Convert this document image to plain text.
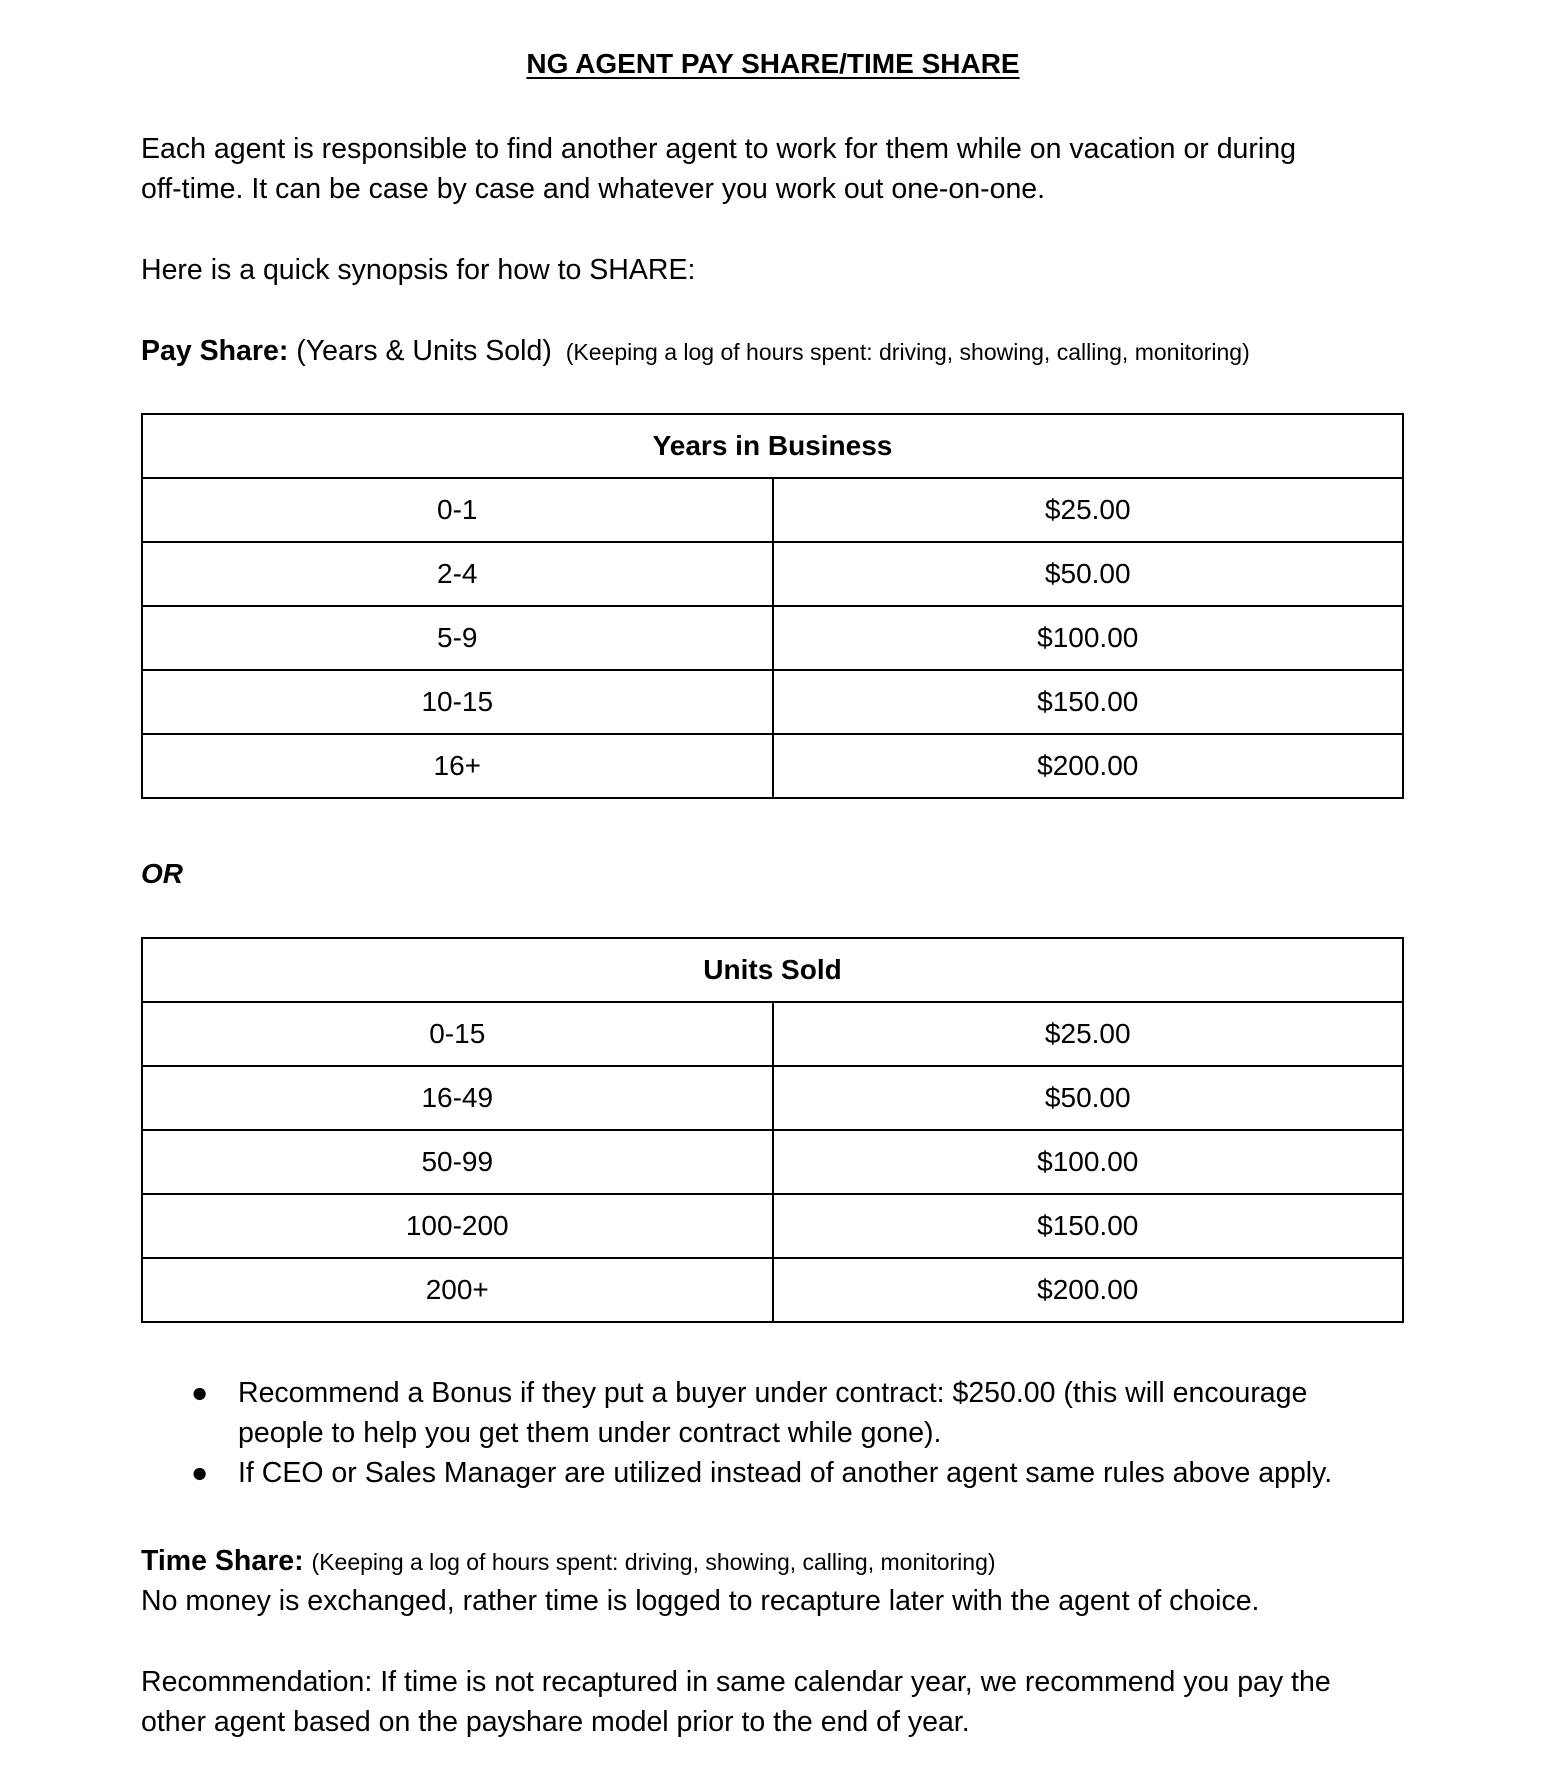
NG AGENT PAY SHARE/TIME SHARE
Each agent is responsible to find another agent to work for them while on vacation or during
off-time. It can be case by case and whatever you work out one-on-one.
Here is a quick synopsis for how to SHARE:
Pay Share: (Years & Units Sold) (Keeping a log of hours spent: driving, showing, calling, monitoring)
Years in Business	
0-1	$25.00
2-4	$50.00
5-9	$100.00
10-15	$150.00
16+	$200.00
OR
Units Sold	
0-15	$25.00
16-49	$50.00
50-99	$100.00
100-200	$150.00
200+	$200.00
● Recommend a Bonus if they put a buyer under contract: $250.00 (this will encourage
people to help you get them under contract while gone).
● If CEO or Sales Manager are utilized instead of another agent same rules above apply.
Time Share: (Keeping a log of hours spent: driving, showing, calling, monitoring)
No money is exchanged, rather time is logged to recapture later with the agent of choice.
Recommendation: If time is not recaptured in same calendar year, we recommend you pay the
other agent based on the payshare model prior to the end of year.
